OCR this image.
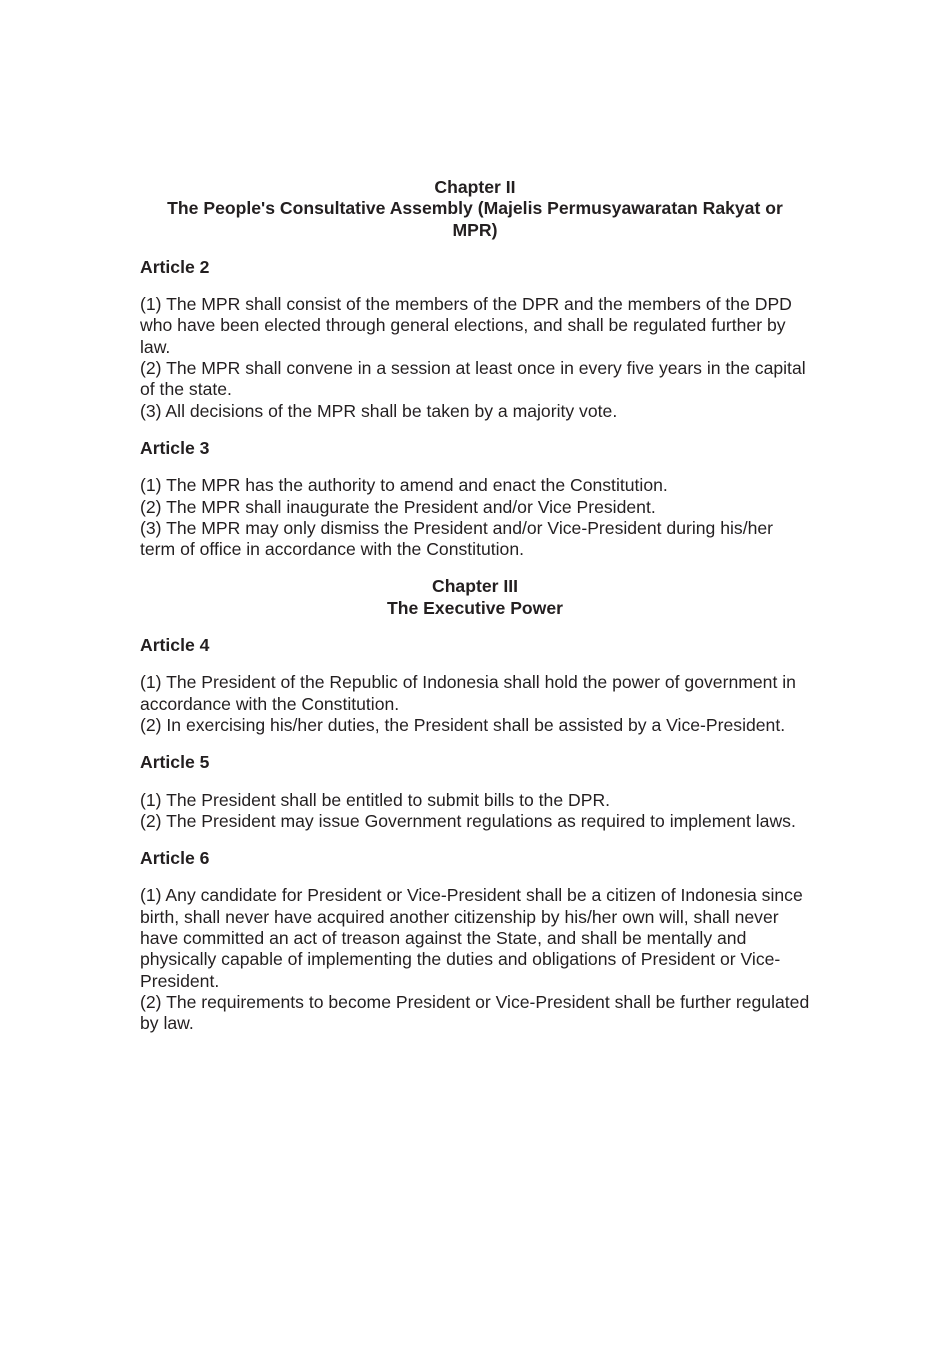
Chapter II
The People's Consultative Assembly (Majelis Permusyawaratan Rakyat or
MPR)
Article 2
(1) The MPR shall consist of the members of the DPR and the members of the DPD who have been elected through general elections, and shall be regulated further by law.
(2) The MPR shall convene in a session at least once in every five years in the capital of the state.
(3) All decisions of the MPR shall be taken by a majority vote.
Article 3
(1) The MPR has the authority to amend and enact the Constitution.
(2) The MPR shall inaugurate the President and/or Vice President.
(3) The MPR may only dismiss the President and/or Vice-President during his/her term of office in accordance with the Constitution.
Chapter III
The Executive Power
Article 4
(1) The President of the Republic of Indonesia shall hold the power of government in accordance with the Constitution.
(2) In exercising his/her duties, the President shall be assisted by a Vice-President.
Article 5
(1) The President shall be entitled to submit bills to the DPR.
(2) The President may issue Government regulations as required to implement laws.
Article 6
(1) Any candidate for President or Vice-President shall be a citizen of Indonesia since birth, shall never have acquired another citizenship by his/her own will, shall never have committed an act of treason against the State, and shall be mentally and physically capable of implementing the duties and obligations of President or Vice-President.
(2) The requirements to become President or Vice-President shall be further regulated by law.
